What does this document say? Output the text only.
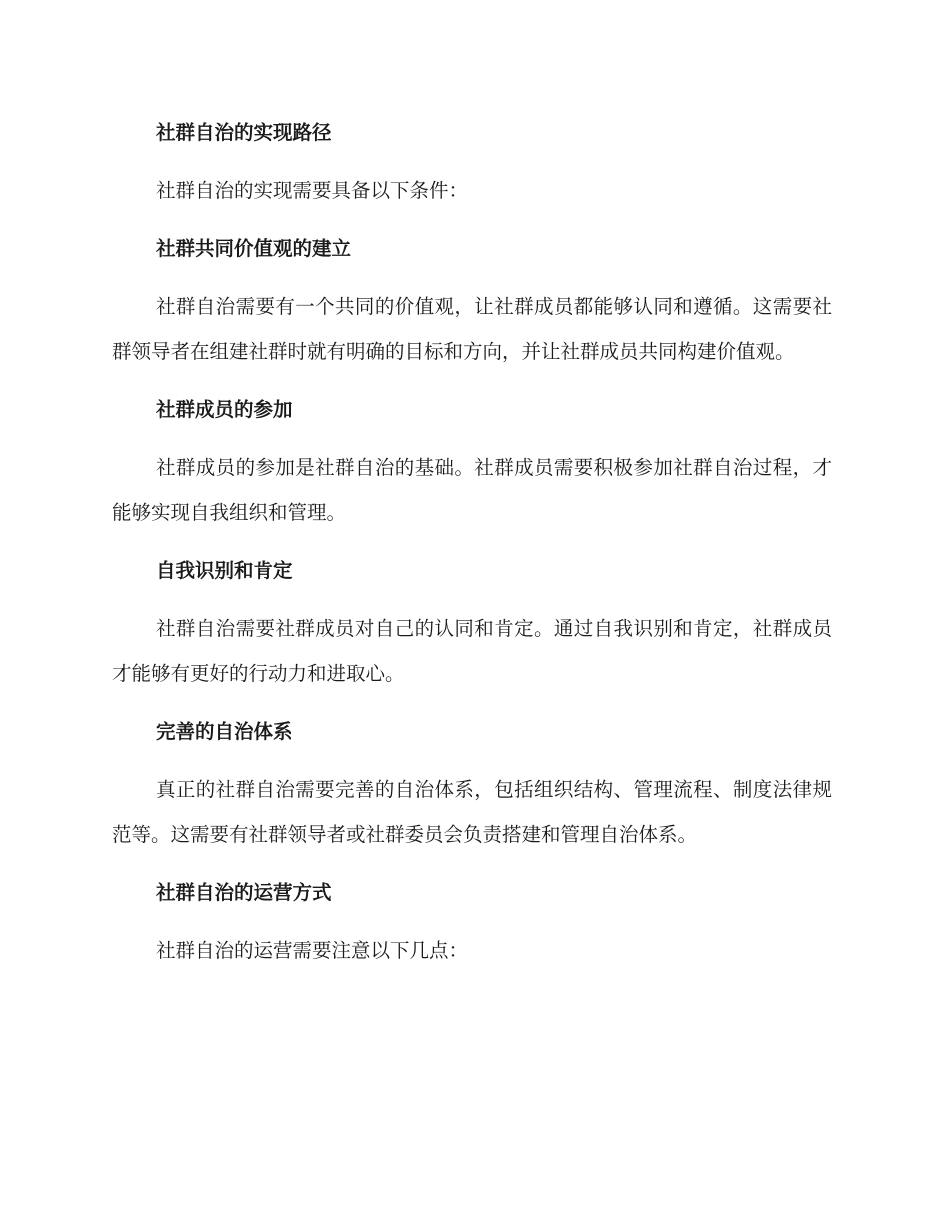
社群自治的实现路径

社群自治的实现需要具备以下条件：

社群共同价值观的建立

社群自治需要有一个共同的价值观，让社群成员都能够认同和遵循。这需要社群领导者在组建社群时就有明确的目标和方向，并让社群成员共同构建价值观。

社群成员的参加

社群成员的参加是社群自治的基础。社群成员需要积极参加社群自治过程，才能够实现自我组织和管理。

自我识别和肯定

社群自治需要社群成员对自己的认同和肯定。通过自我识别和肯定，社群成员才能够有更好的行动力和进取心。

完善的自治体系

真正的社群自治需要完善的自治体系，包括组织结构、管理流程、制度法律规范等。这需要有社群领导者或社群委员会负责搭建和管理自治体系。

社群自治的运营方式

社群自治的运营需要注意以下几点：
